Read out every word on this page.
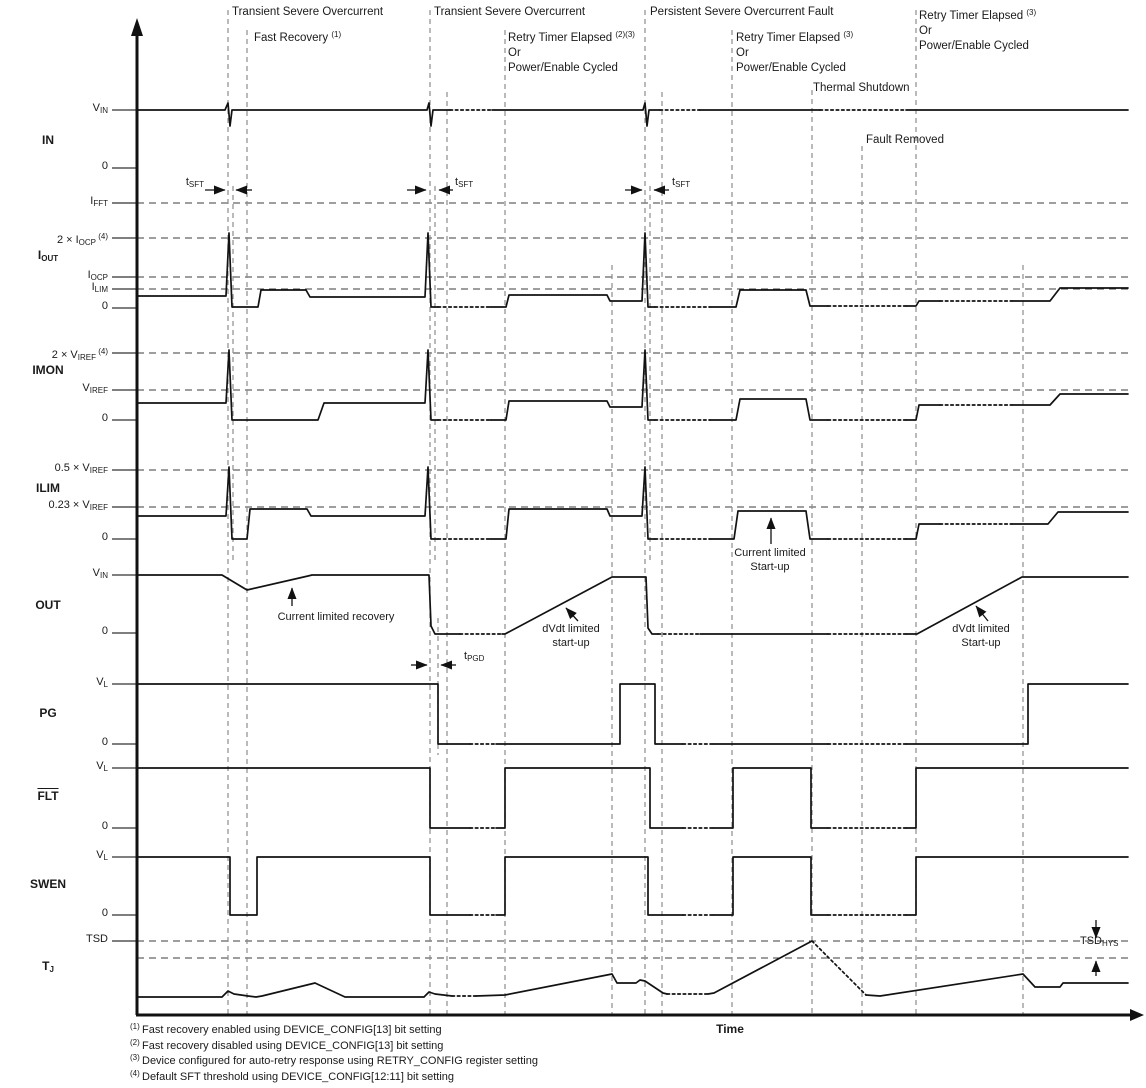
$V_{IN}$
0
$I_{FFT}$
$2 \times I_{OCP}$ $^{(4)}$
$I_{OCP}$
$I_{LIM}$
0
$2 \times V_{IREF}$ $^{(4)}$
$V_{IREF}$
0
$0.5 \times V_{IREF}$
$0.23 \times V_{IREF}$
0
$V_{IN}$
0
$V_L$
0
$V_L$
0
$V_L$
0
TSD
IN
$I_{OUT}$
IMON
ILIM
OUT
PG
$\overline{FLT}$
SWEN
$T_J$
Transient Severe Overcurrent
Fast Recovery $^{(1)}$
Transient Severe Overcurrent
Retry Timer Elapsed $^{(2)(3)}$
Or
Power/Enable Cycled
Persistent Severe Overcurrent Fault
Retry Timer Elapsed $^{(3)}$
Or
Power/Enable Cycled
Retry Timer Elapsed $^{(3)}$
Or
Power/Enable Cycled
Thermal Shutdown
Fault Removed
Current limited recovery
dVdt limited
start-up
Current limited
Start-up
dVdt limited
Start-up
$t_{SFT}$	$t_{SFT}$	$t_{SFT}$
$t_{PGD}$
$TSD_{HYS}$
$^{(1)}$ Fast recovery enabled using DEVICE_CONFIG[13] bit setting
$^{(2)}$ Fast recovery disabled using DEVICE_CONFIG[13] bit setting
$^{(3)}$ Device configured for auto-retry response using RETRY_CONFIG register setting
$^{(4)}$ Default SFT threshold using DEVICE_CONFIG[12:11] bit setting
Time
